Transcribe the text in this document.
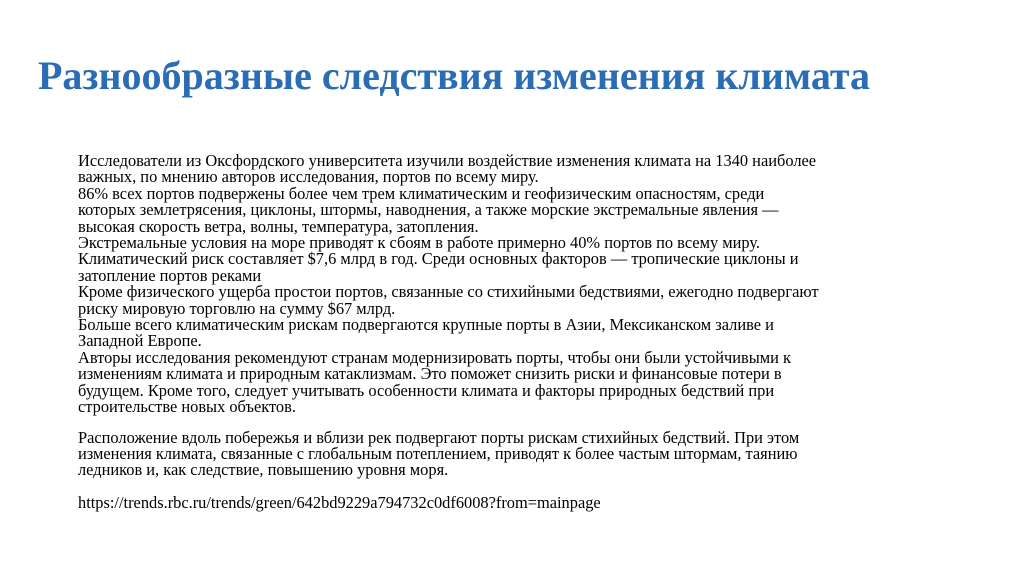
Разнообразные следствия изменения климата

Исследователи из Оксфордского университета изучили воздействие изменения климата на 1340 наиболее
важных, по мнению авторов исследования, портов по всему миру.
86% всех портов подвержены более чем трем климатическим и геофизическим опасностям, среди
которых землетрясения, циклоны, штормы, наводнения, а также морские экстремальные явления —
высокая скорость ветра, волны, температура, затопления.
Экстремальные условия на море приводят к сбоям в работе примерно 40% портов по всему миру.
Климатический риск составляет $7,6 млрд в год. Среди основных факторов — тропические циклоны и
затопление портов реками
Кроме физического ущерба простои портов, связанные со стихийными бедствиями, ежегодно подвергают
риску мировую торговлю на сумму $67 млрд.
Больше всего климатическим рискам подвергаются крупные порты в Азии, Мексиканском заливе и
Западной Европе.
Авторы исследования рекомендуют странам модернизировать порты, чтобы они были устойчивыми к
изменениям климата и природным катаклизмам. Это поможет снизить риски и финансовые потери в
будущем. Кроме того, следует учитывать особенности климата и факторы природных бедствий при
строительстве новых объектов.

Расположение вдоль побережья и вблизи рек подвергают порты рискам стихийных бедствий. При этом
изменения климата, связанные с глобальным потеплением, приводят к более частым штормам, таянию
ледников и, как следствие, повышению уровня моря.

https://trends.rbc.ru/trends/green/642bd9229a794732c0df6008?from=mainpage
